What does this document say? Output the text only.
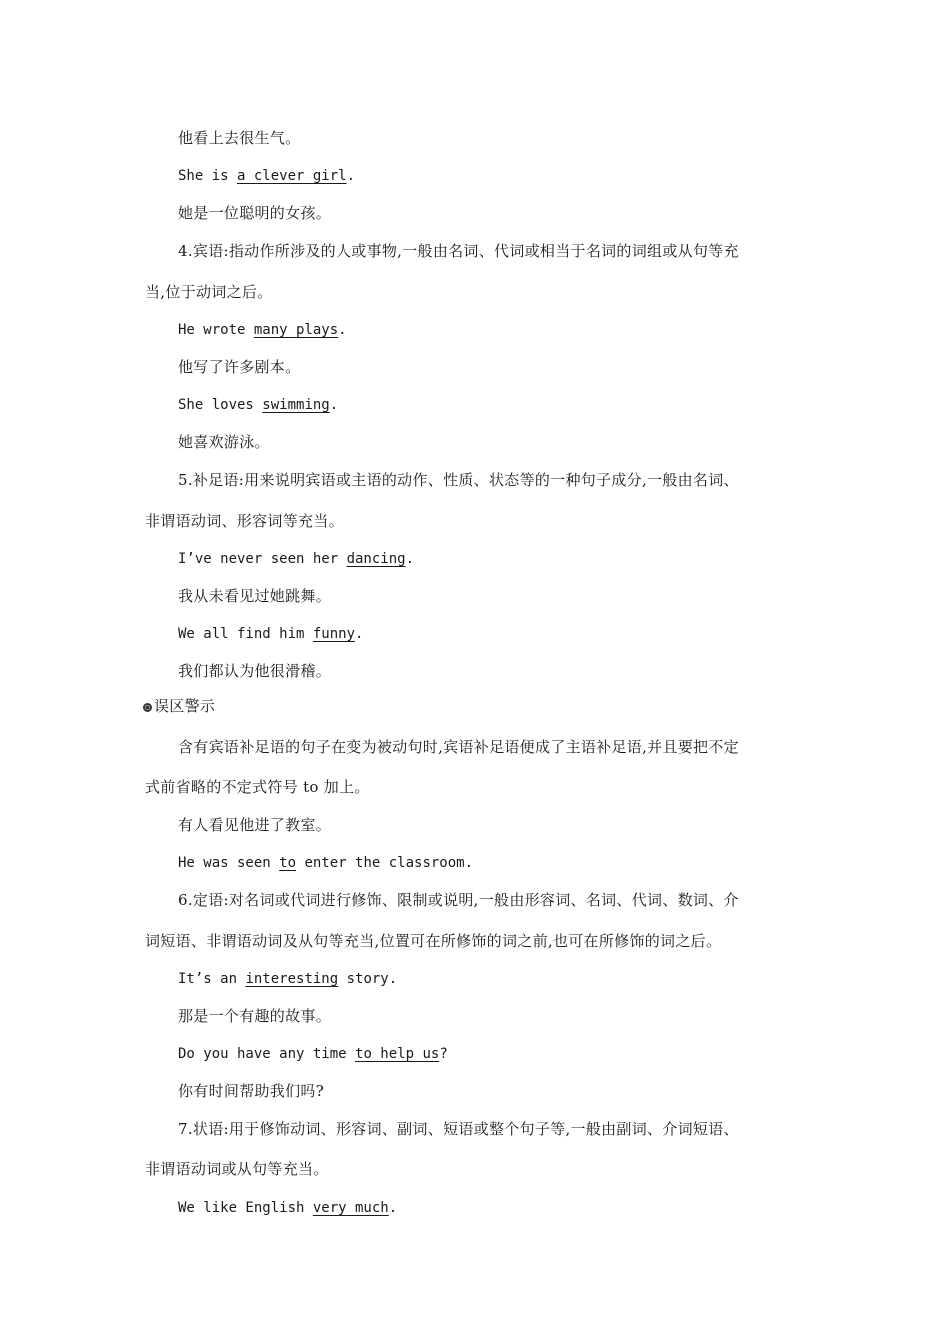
他看上去很生气。
She is a clever girl.
她是一位聪明的女孩。
4.宾语:指动作所涉及的人或事物,一般由名词、代词或相当于名词的词组或从句等充
当,位于动词之后。
He wrote many plays.
他写了许多剧本。
She loves swimming.
她喜欢游泳。
5.补足语:用来说明宾语或主语的动作、性质、状态等的一种句子成分,一般由名词、
非谓语动词、形容词等充当。
I’ve never seen her dancing.
我从未看见过她跳舞。
We all find him funny.
我们都认为他很滑稽。
误区警示
含有宾语补足语的句子在变为被动句时,宾语补足语便成了主语补足语,并且要把不定
式前省略的不定式符号 to 加上。
有人看见他进了教室。
He was seen to enter the classroom.
6.定语:对名词或代词进行修饰、限制或说明,一般由形容词、名词、代词、数词、介
词短语、非谓语动词及从句等充当,位置可在所修饰的词之前,也可在所修饰的词之后。
It’s an interesting story.
那是一个有趣的故事。
Do you have any time to help us?
你有时间帮助我们吗?
7.状语:用于修饰动词、形容词、副词、短语或整个句子等,一般由副词、介词短语、
非谓语动词或从句等充当。
We like English very much.
